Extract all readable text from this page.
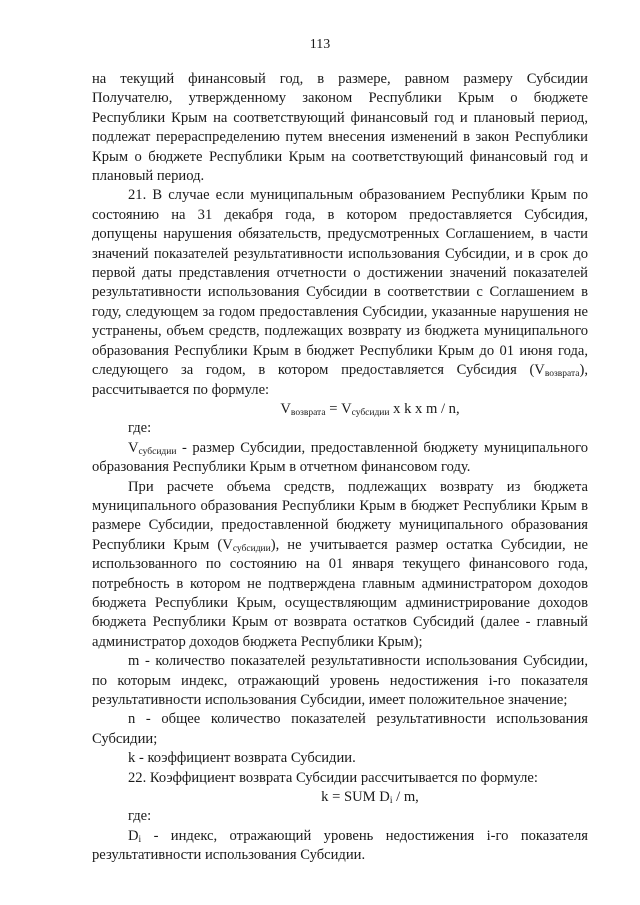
113

на текущий финансовый год, в размере, равном размеру Субсидии Получателю, утвержденному законом Республики Крым о бюджете Республики Крым на соответствующий финансовый год и плановый период, подлежат перераспределению путем внесения изменений в закон Республики Крым о бюджете Республики Крым на соответствующий финансовый год и плановый период.

21. В случае если муниципальным образованием Республики Крым по состоянию на 31 декабря года, в котором предоставляется Субсидия, допущены нарушения обязательств, предусмотренных Соглашением, в части значений показателей результативности использования Субсидии, и в срок до первой даты представления отчетности о достижении значений показателей результативности использования Субсидии в соответствии с Соглашением в году, следующем за годом предоставления Субсидии, указанные нарушения не устранены, объем средств, подлежащих возврату из бюджета муниципального образования Республики Крым в бюджет Республики Крым до 01 июня года, следующего за годом, в котором предоставляется Субсидия $(V_{возврата})$, рассчитывается по формуле:

$V_{возврата} = V_{субсидии}$ x k x m / n,

где:

$V_{субсидии}$ - размер Субсидии, предоставленной бюджету муниципального образования Республики Крым в отчетном финансовом году.

При расчете объема средств, подлежащих возврату из бюджета муниципального образования Республики Крым в бюджет Республики Крым в размере Субсидии, предоставленной бюджету муниципального образования Республики Крым $(V_{субсидии})$, не учитывается размер остатка Субсидии, не использованного по состоянию на 01 января текущего финансового года, потребность в котором не подтверждена главным администратором доходов бюджета Республики Крым, осуществляющим администрирование доходов бюджета Республики Крым от возврата остатков Субсидий (далее - главный администратор доходов бюджета Республики Крым);

m - количество показателей результативности использования Субсидии, по которым индекс, отражающий уровень недостижения i-го показателя результативности использования Субсидии, имеет положительное значение;

n - общее количество показателей результативности использования Субсидии;

k - коэффициент возврата Субсидии.

22. Коэффициент возврата Субсидии рассчитывается по формуле:

k = SUM $D_i$ / m,

где:

$D_i$ - индекс, отражающий уровень недостижения i-го показателя результативности использования Субсидии.
